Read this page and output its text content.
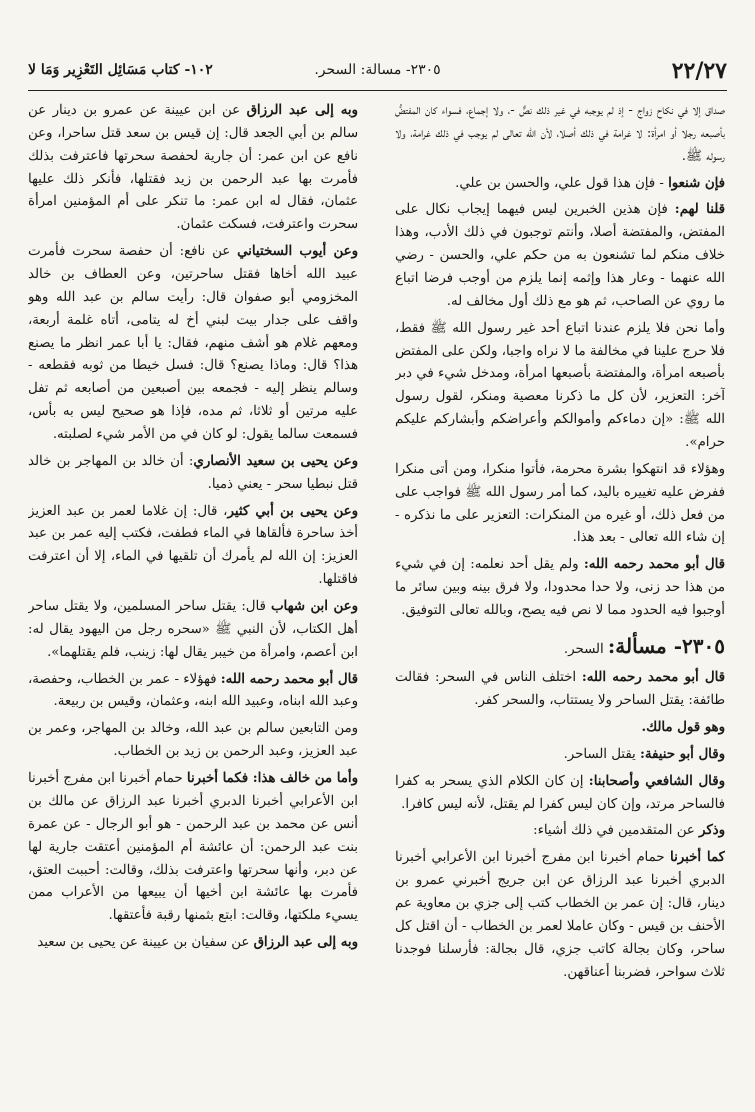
٢٢/٢٧
٢٣٠٥- مسالة: السحر.
١٠٢- كتاب مَسَائِل التَعْزِير وَمَا لا

صداق إلا في نكاح زواج - إذ لم يوجبه في غير ذلك نصٌّ -، ولا إجماع، فسواء كان المفتضُّ بأصبعه رجلا أو امرأة: لا غرامة في ذلك أصلا، لأن الله تعالى لم يوجب في ذلك غرامة، ولا رسوله ﷺ.

فإن شنعوا - فإن هذا قول علي، والحسن بن علي.

قلنا لهم: فإن هذين الخبرين ليس فيهما إيجاب نكال على المفتض، والمفتضة أصلا، وأنتم توجبون في ذلك الأدب، وهذا خلاف منكم لما تشنعون به من حكم علي، والحسن - رضي الله عنهما - وعار هذا وإثمه إنما يلزم من أوجب فرضا اتباع ما روي عن الصاحب، ثم هو مع ذلك أول مخالف له.

وأما نحن فلا يلزم عندنا اتباع أحد غير رسول الله ﷺ فقط، فلا حرج علينا في مخالفة ما لا نراه واجبا، ولكن على المفتض بأصبعه امرأة، والمفتضة بأصبعها امرأة، ومدخل شيء في دبر آخر: التعزير، لأن كل ما ذكرنا معصية ومنكر، لقول رسول الله ﷺ: «إن دماءكم وأموالكم وأعراضكم وأبشاركم عليكم حرام».

وهؤلاء قد انتهكوا بشرة محرمة، فأتوا منكرا، ومن أتى منكرا ففرض عليه تغييره باليد، كما أمر رسول الله ﷺ فواجب على من فعل ذلك، أو غيره من المنكرات: التعزير على ما نذكره - إن شاء الله تعالى - بعد هذا.

قال أبو محمد رحمه الله: ولم يقل أحد نعلمه: إن في شيء من هذا حد زنى، ولا حدا محدودا، ولا فرق بينه وبين سائر ما أوجبوا فيه الحدود مما لا نص فيه يصح، وبالله تعالى التوفيق.

٢٣٠٥- مسألة: السحر.

قال أبو محمد رحمه الله: اختلف الناس في السحر: فقالت طائفة: يقتل الساحر ولا يستتاب، والسحر كفر.

وهو قول مالك.

وقال أبو حنيفة: يقتل الساحر.

وقال الشافعي وأصحابنا: إن كان الكلام الذي يسحر به كفرا فالساحر مرتد، وإن كان ليس كفرا لم يقتل، لأنه ليس كافرا.

وذكر عن المتقدمين في ذلك أشياء:

كما أخبرنا حمام أخبرنا ابن مفرج أخبرنا ابن الأعرابي أخبرنا الدبري أخبرنا عبد الرزاق عن ابن جريج أخبرني عمرو بن دينار، قال: إن عمر بن الخطاب كتب إلى جزي بن معاوية عم الأحنف بن قيس - وكان عاملا لعمر بن الخطاب - أن اقتل كل ساحر، وكان بجالة كاتب جزي، قال بجالة: فأرسلنا فوجدنا ثلاث سواحر، فضربنا أعناقهن.

وبه إلى عبد الرزاق عن ابن عيينة عن عمرو بن دينار عن سالم بن أبي الجعد قال: إن قيس بن سعد قتل ساحرا، وعن نافع عن ابن عمر: أن جارية لحفصة سحرتها فاعترفت بذلك فأمرت بها عبد الرحمن بن زيد فقتلها، فأنكر ذلك عليها عثمان، فقال له ابن عمر: ما تنكر على أم المؤمنين امرأة سحرت واعترفت، فسكت عثمان.

وعن أيوب السختياني عن نافع: أن حفصة سحرت فأمرت عبيد الله أخاها فقتل ساحرتين، وعن العطاف بن خالد المخزومي أبو صفوان قال: رأيت سالم بن عبد الله وهو واقف على جدار بيت لبني أخ له يتامى، أتاه غلمة أربعة، ومعهم غلام هو أشف منهم، فقال: يا أبا عمر انظر ما يصنع هذا؟ قال: وماذا يصنع؟ قال: فسل خيطا من ثوبه فقطعه - وسالم ينظر إليه - فجمعه بين أصبعين من أصابعه ثم تفل عليه مرتين أو ثلاثا، ثم مده، فإذا هو صحيح ليس به بأس، فسمعت سالما يقول: لو كان في من الأمر شيء لصلبته.

وعن يحيى بن سعيد الأنصاري: أن خالد بن المهاجر بن خالد قتل نبطيا سحر - يعني ذميا.

وعن يحيى بن أبي كثير، قال: إن غلاما لعمر بن عبد العزيز أخذ ساحرة فألقاها في الماء فطفت، فكتب إليه عمر بن عبد العزيز: إن الله لم يأمرك أن تلقيها في الماء، إلا أن اعترفت فاقتلها.

وعن ابن شهاب قال: يقتل ساحر المسلمين، ولا يقتل ساحر أهل الكتاب، لأن النبي ﷺ «سحره رجل من اليهود يقال له: ابن أعصم، وامرأة من خيبر يقال لها: زينب، فلم يقتلهما».

قال أبو محمد رحمه الله: فهؤلاء - عمر بن الخطاب، وحفصة، وعبد الله ابناه، وعبيد الله ابنه، وعثمان، وقيس بن ربيعة.

ومن التابعين سالم بن عبد الله، وخالد بن المهاجر، وعمر بن عبد العزيز، وعبد الرحمن بن زيد بن الخطاب.

وأما من خالف هذا: فكما أخبرنا حمام أخبرنا ابن مفرج أخبرنا ابن الأعرابي أخبرنا الدبري أخبرنا عبد الرزاق عن مالك بن أنس عن محمد بن عبد الرحمن - هو أبو الرجال - عن عمرة بنت عبد الرحمن: أن عائشة أم المؤمنين أعتقت جارية لها عن دبر، وأنها سحرتها واعترفت بذلك، وقالت: أحببت العتق، فأمرت بها عائشة ابن أخيها أن يبيعها من الأعراب ممن يسيء ملكتها، وقالت: ابتع بثمنها رقبة فأعتقها.

وبه إلى عبد الرزاق عن سفيان بن عيينة عن يحيى بن سعيد
